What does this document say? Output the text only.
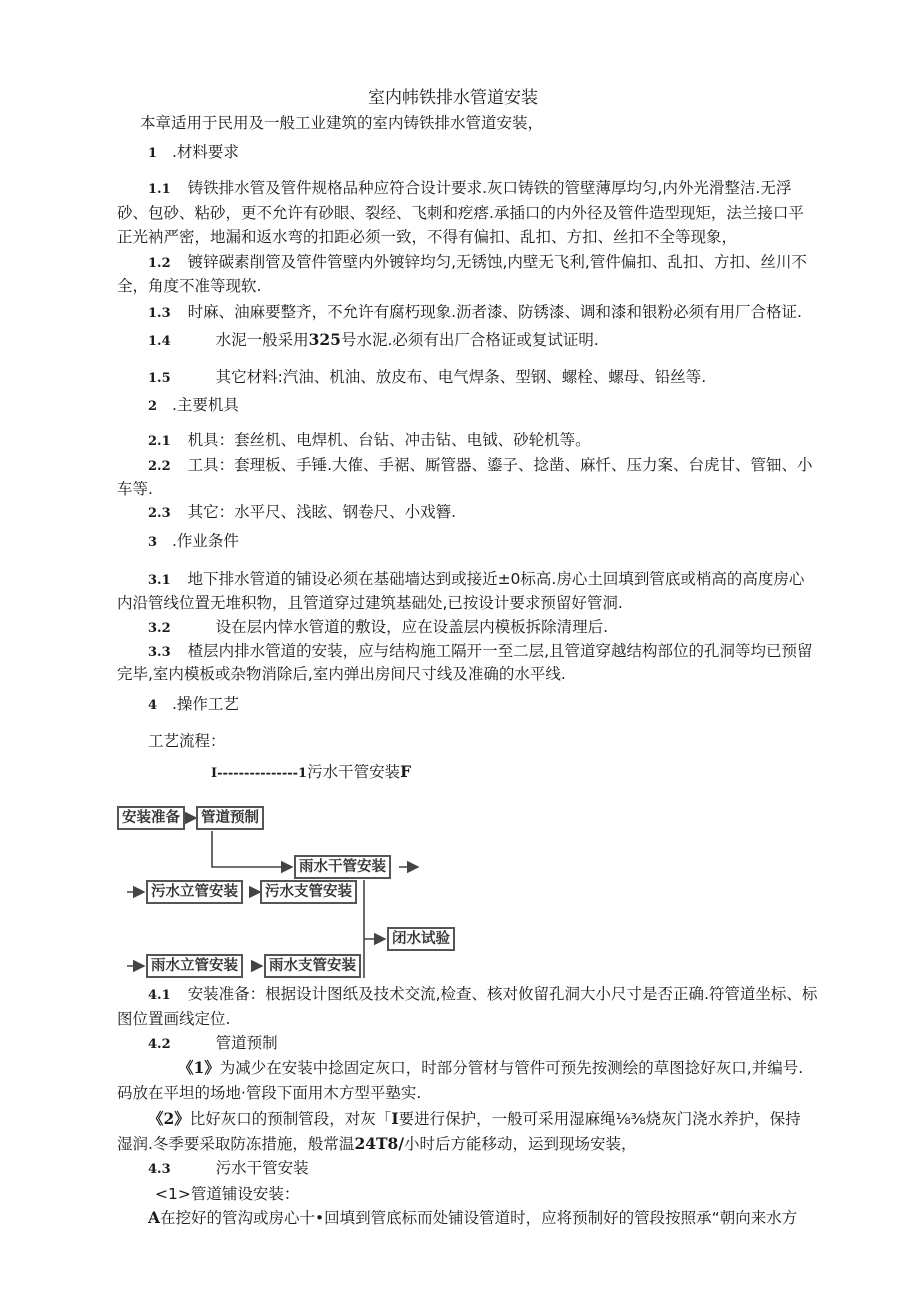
室内帏铁排水管道安装
本章适用于民用及一般工业建筑的室内铸铁排水管道安装，
1 .材料要求
1.1 铸铁排水管及管件规格品种应符合设计要求.灰口铸铁的管壁薄厚均匀,内外光滑整洁.无浮
砂、包砂、粘砂，更不允许有砂眼、裂经、飞刺和疙瘩.承插口的内外径及管件造型现矩，法兰接口平
正光衲严密，地漏和返水弯的扣距必须一致，不得有偏扣、乱扣、方扣、丝扣不全等现象，
1.2 镀锌碳素削管及管件管壁内外镀锌均匀,无锈蚀,内壁无飞利,管件偏扣、乱扣、方扣、丝川不
全，角度不准等现软.
1.3 时麻、油麻要整齐，不允许有腐朽现象.沥者漆、防锈漆、调和漆和银粉必须有用厂合格证.
1.4	水泥一般采用325号水泥.必须有出厂合格证或复试证明.
1.5	其它材料:汽油、机油、放皮布、电气焊条、型钢、螺栓、螺母、铅丝等.
2 .主要机具
2.1 机具：套丝机、电焊机、台钻、冲击钻、电钺、砂轮机等。
2.2 工具：套理板、手锤.大傕、手裾、厮管器、鎏子、捻凿、麻忏、压力案、台虎甘、管钿、小
车等.
2.3 其它：水平尺、浅眩、钢卷尺、小戏簪.
3 .作业条件
3.1 地下排水管道的铺设必须在基础墙达到或接近±0标高.房心土回填到管底或梢高的高度房心
内沿管线位置无堆积物，且管道穿过建筑基础处,已按设计要求预留好管洞.
3.2	设在层内悻水管道的敷设，应在设盖层内模板拆除清理后.
3.3 楂层内排水管道的安装，应与结构施工隔开一至二层,且管道穿越结构部位的孔洞等均已预留
完毕,室内模板或杂物消除后,室内弹出房间尺寸线及准确的水平线.
4 .操作工艺
工艺流程：
I---------------1污水干管安装F
安装准备	管道预制
雨水干管安装
污水立管安装	污水支管安装
闭水试验
雨水立管安装	雨水支管安装
4.1 安装准备：根据设计图纸及技术交流,检查、核对攸留孔洞大小尺寸是否正确.符管道坐标、标
图位置画线定位.
4.2	管道预制
《1》为减少在安装中捻固定灰口，时部分管材与管件可预先按测绘的草图捻好灰口,并编号.
码放在平坦的场地·管段下面用木方型平塾实.
《2》比好灰口的预制管段，对灰「I要进行保护，一般可采用湿麻绳⅛⅜烧灰门浇水养护，保持
湿润.冬季要采取防冻措施，般常温24T8/小时后方能移动，运到现场安装，
4.3	污水干管安装
<1>管道铺设安装：
A在挖好的管沟或房心十•回填到管底标而处铺设管道时，应将预制好的管段按照承“朝向来水方
